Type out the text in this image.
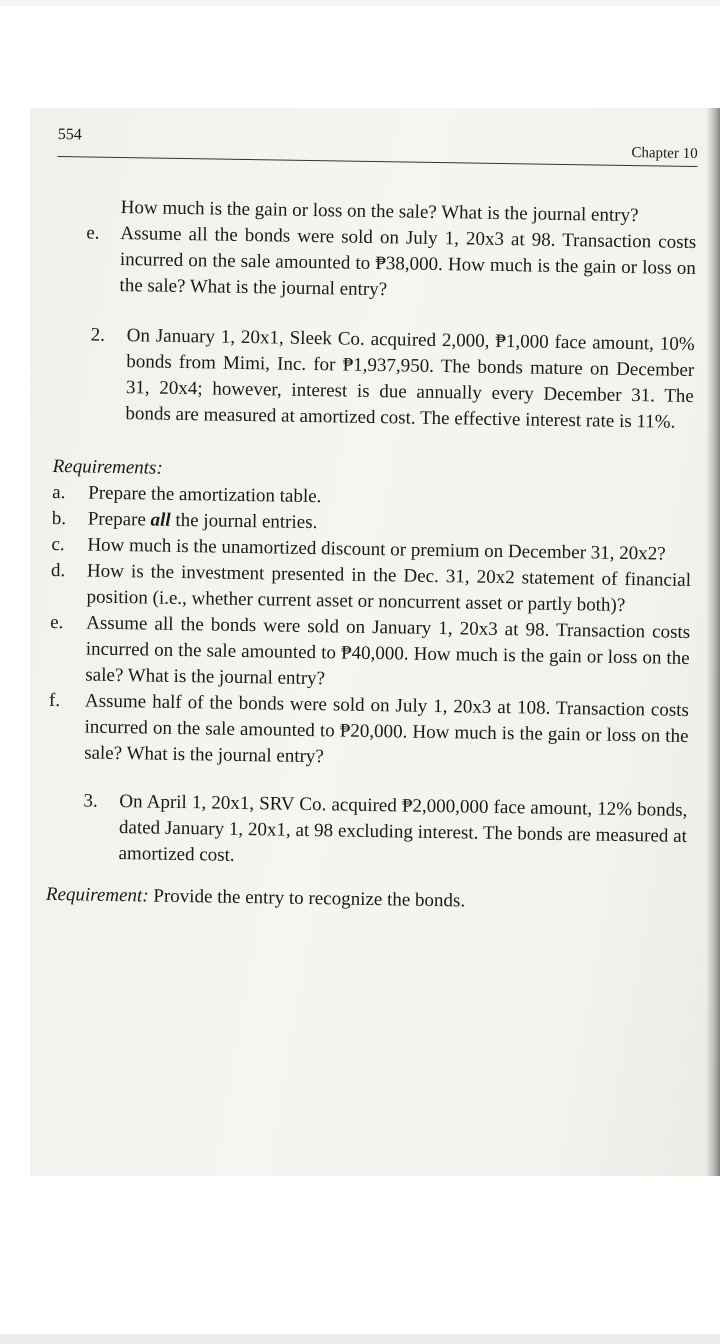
554
Chapter 10
How much is the gain or loss on the sale? What is the journal entry?
e.	Assume all the bonds were sold on July 1, 20x3 at 98. Transaction costs incurred on the sale amounted to ₱38,000. How much is the gain or loss on the sale? What is the journal entry?
2.	On January 1, 20x1, Sleek Co. acquired 2,000, ₱1,000 face amount, 10% bonds from Mimi, Inc. for ₱1,937,950. The bonds mature on December 31, 20x4; however, interest is due annually every December 31. The bonds are measured at amortized cost. The effective interest rate is 11%.
Requirements:
a.	Prepare the amortization table.
b.	Prepare all the journal entries.
c.	How much is the unamortized discount or premium on December 31, 20x2?
d.	How is the investment presented in the Dec. 31, 20x2 statement of financial position (i.e., whether current asset or noncurrent asset or partly both)?
e.	Assume all the bonds were sold on January 1, 20x3 at 98. Transaction costs incurred on the sale amounted to ₱40,000. How much is the gain or loss on the sale? What is the journal entry?
f.	Assume half of the bonds were sold on July 1, 20x3 at 108. Transaction costs incurred on the sale amounted to ₱20,000. How much is the gain or loss on the sale? What is the journal entry?
3.	On April 1, 20x1, SRV Co. acquired ₱2,000,000 face amount, 12% bonds, dated January 1, 20x1, at 98 excluding interest. The bonds are measured at amortized cost.
Requirement: Provide the entry to recognize the bonds.
